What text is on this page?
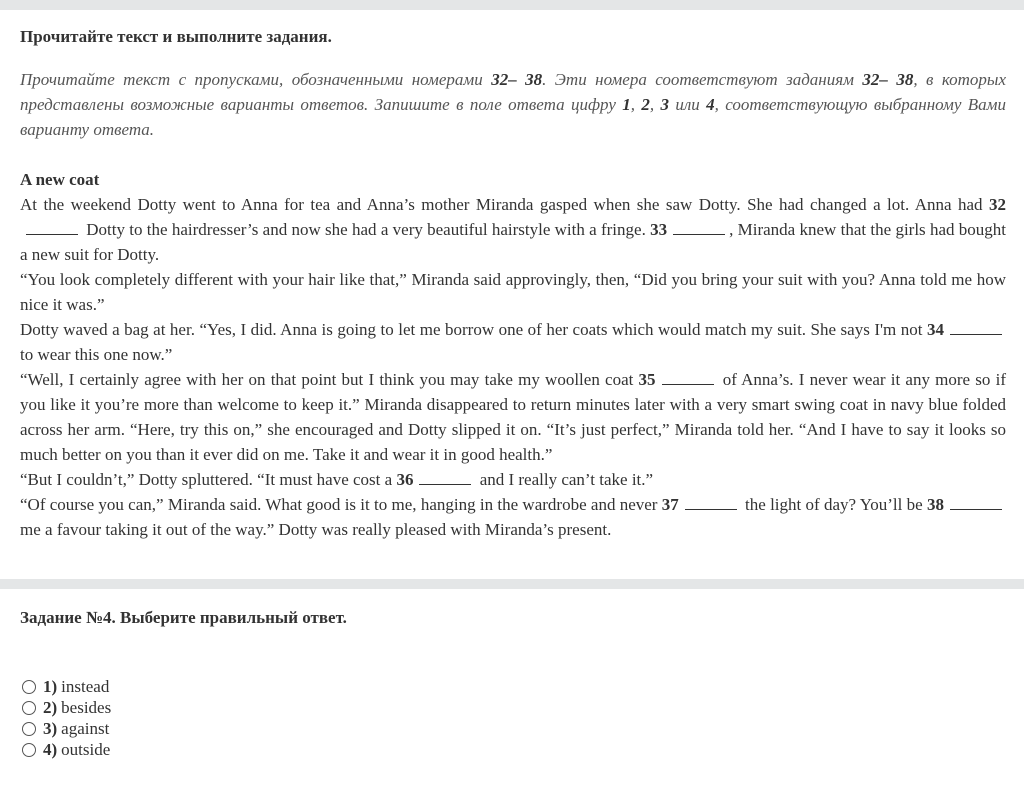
Прочитайте текст и выполните задания.
Прочитайте текст с пропусками, обозначенными номерами 32– 38. Эти номера соответствуют заданиям 32– 38, в которых представлены возможные варианты ответов. Запишите в поле ответа цифру 1, 2, 3 или 4, соответствующую выбранному Вами варианту ответа.
A new coat

At the weekend Dotty went to Anna for tea and Anna’s mother Miranda gasped when she saw Dotty. She had changed a lot. Anna had 32 Dotty to the hairdresser’s and now she had a very beautiful hairstyle with a fringe. 33	, Miranda knew that the girls had bought a new suit for Dotty.

“You look completely different with your hair like that,” Miranda said approvingly, then, “Did you bring your suit with you? Anna told me how nice it was.”

Dotty waved a bag at her. “Yes, I did. Anna is going to let me borrow one of her coats which would match my suit. She says I'm not 34 to wear this one now.”

“Well, I certainly agree with her on that point but I think you may take my woollen coat 35	of Anna’s. I never wear it any more so if you like it you’re more than welcome to keep it.” Miranda disappeared to return minutes later with a very smart swing coat in navy blue folded across her arm. “Here, try this on,” she encouraged and Dotty slipped it on. “It’s just perfect,” Miranda told her. “And I have to say it looks so much better on you than it ever did on me. Take it and wear it in good health.”

“But I couldn’t,” Dotty spluttered. “It must have cost a 36	and I really can’t take it.”

“Of course you can,” Miranda said. What good is it to me, hanging in the wardrobe and never 37	the light of day? You’ll be 38 me a favour taking it out of the way.” Dotty was really pleased with Miranda’s present.

Задание №4. Выберите правильный ответ.
1) instead
2) besides
3) against
4) outside
